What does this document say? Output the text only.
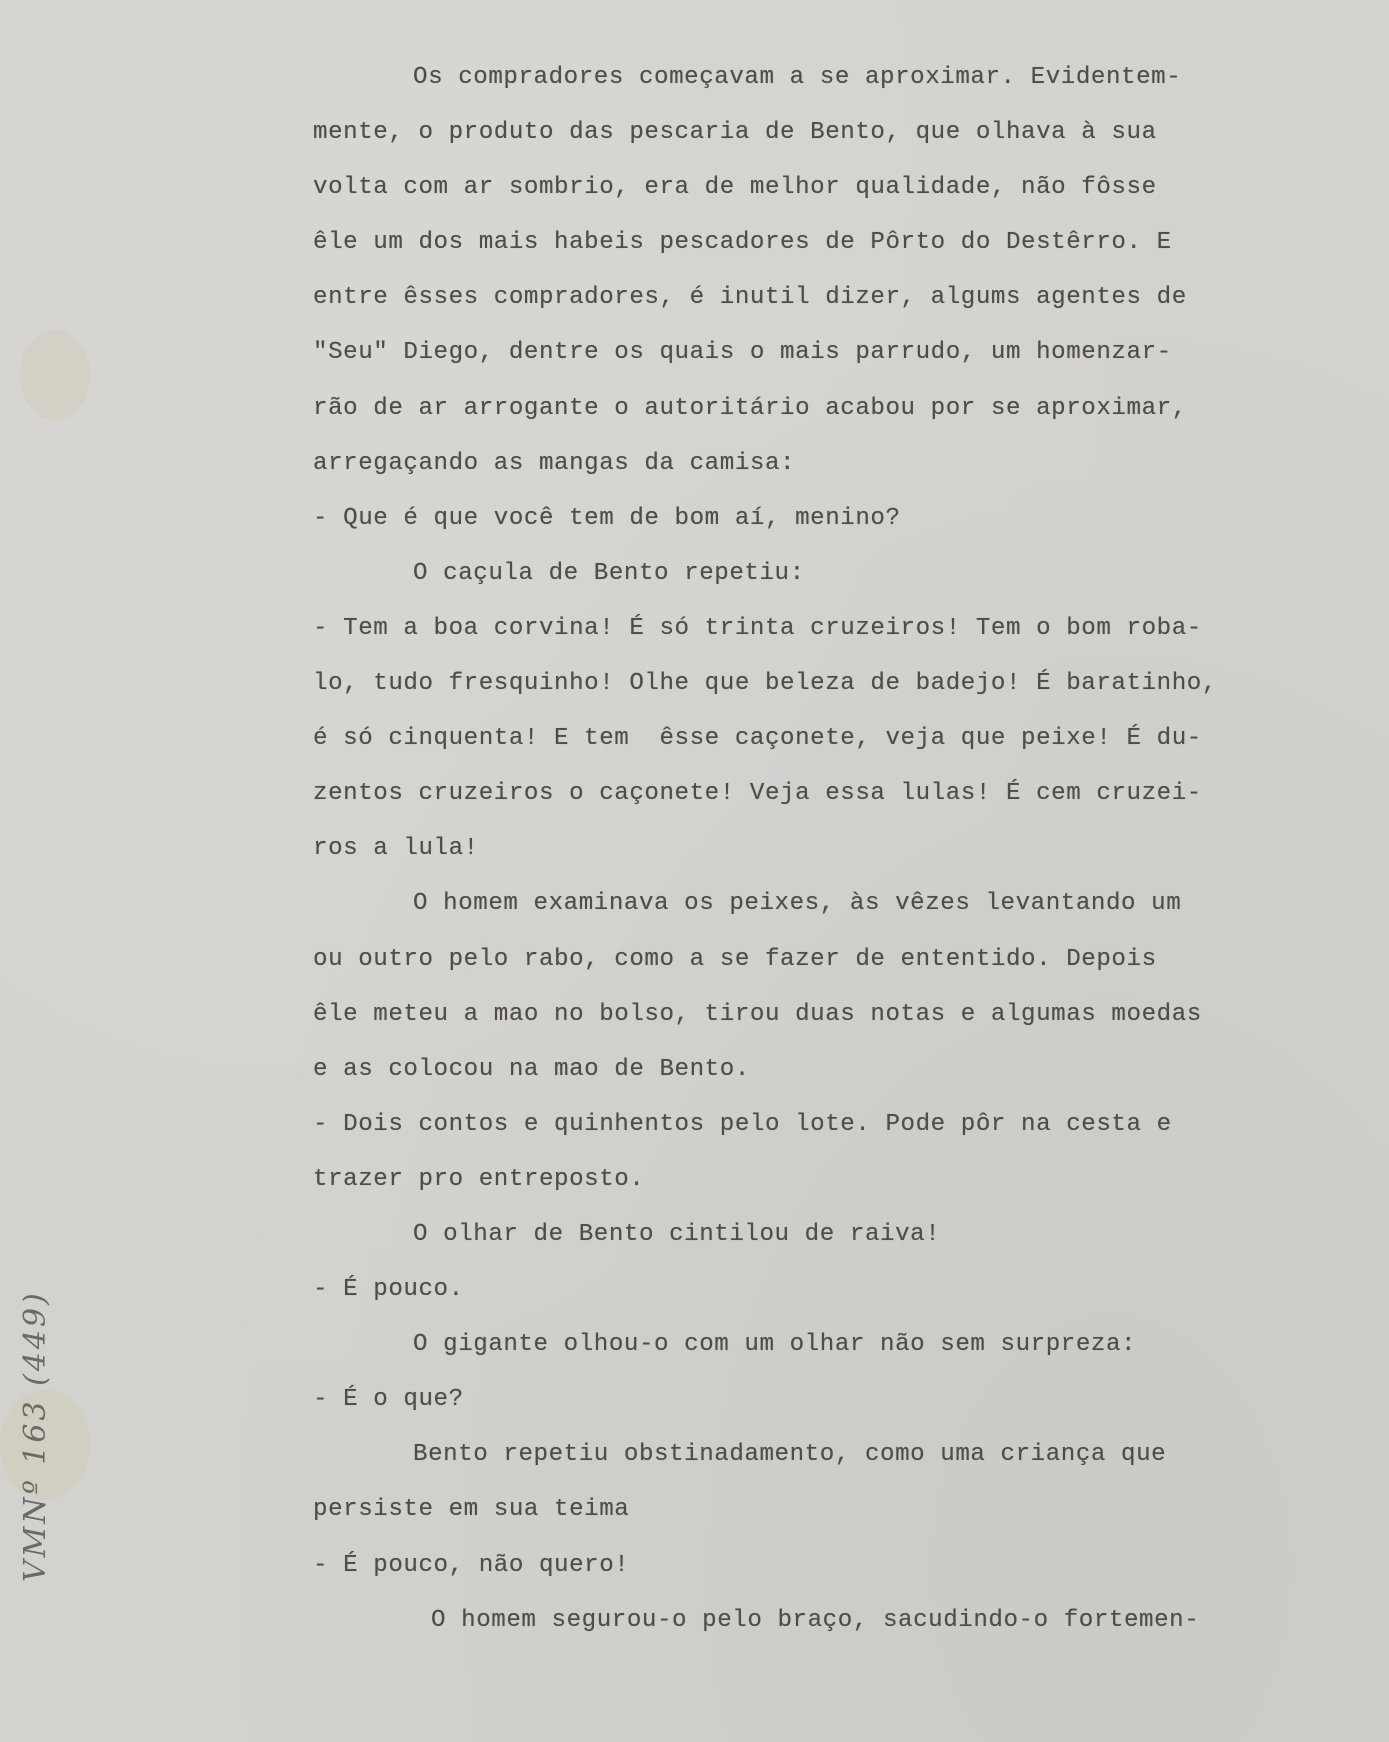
Os compradores começavam a se aproximar. Evidentem-
mente, o produto das pescaria de Bento, que olhava à sua
volta com ar sombrio, era de melhor qualidade, não fôsse
êle um dos mais habeis pescadores de Pôrto do Destêrro. E
entre êsses compradores, é inutil dizer, algums agentes de
"Seu" Diego, dentre os quais o mais parrudo, um homenzar-
rão de ar arrogante o autoritário acabou por se aproximar,
arregaçando as mangas da camisa:
- Que é que você tem de bom aí, menino?
O caçula de Bento repetiu:
- Tem a boa corvina! É só trinta cruzeiros! Tem o bom roba-
lo, tudo fresquinho! Olhe que beleza de badejo! É baratinho,
é só cinquenta! E tem  êsse caçonete, veja que peixe! É du-
zentos cruzeiros o caçonete! Veja essa lulas! É cem cruzei-
ros a lula!
O homem examinava os peixes, às vêzes levantando um
ou outro pelo rabo, como a se fazer de ententido. Depois
êle meteu a mao no bolso, tirou duas notas e algumas moedas
e as colocou na mao de Bento.
- Dois contos e quinhentos pelo lote. Pode pôr na cesta e
trazer pro entreposto.
O olhar de Bento cintilou de raiva!
- É pouco.
O gigante olhou-o com um olhar não sem surpreza:
- É o que?
Bento repetiu obstinadamento, como uma criança que
persiste em sua teima
- É pouco, não quero!
O homem segurou-o pelo braço, sacudindo-o fortemen-
VMNº 163 (449)
